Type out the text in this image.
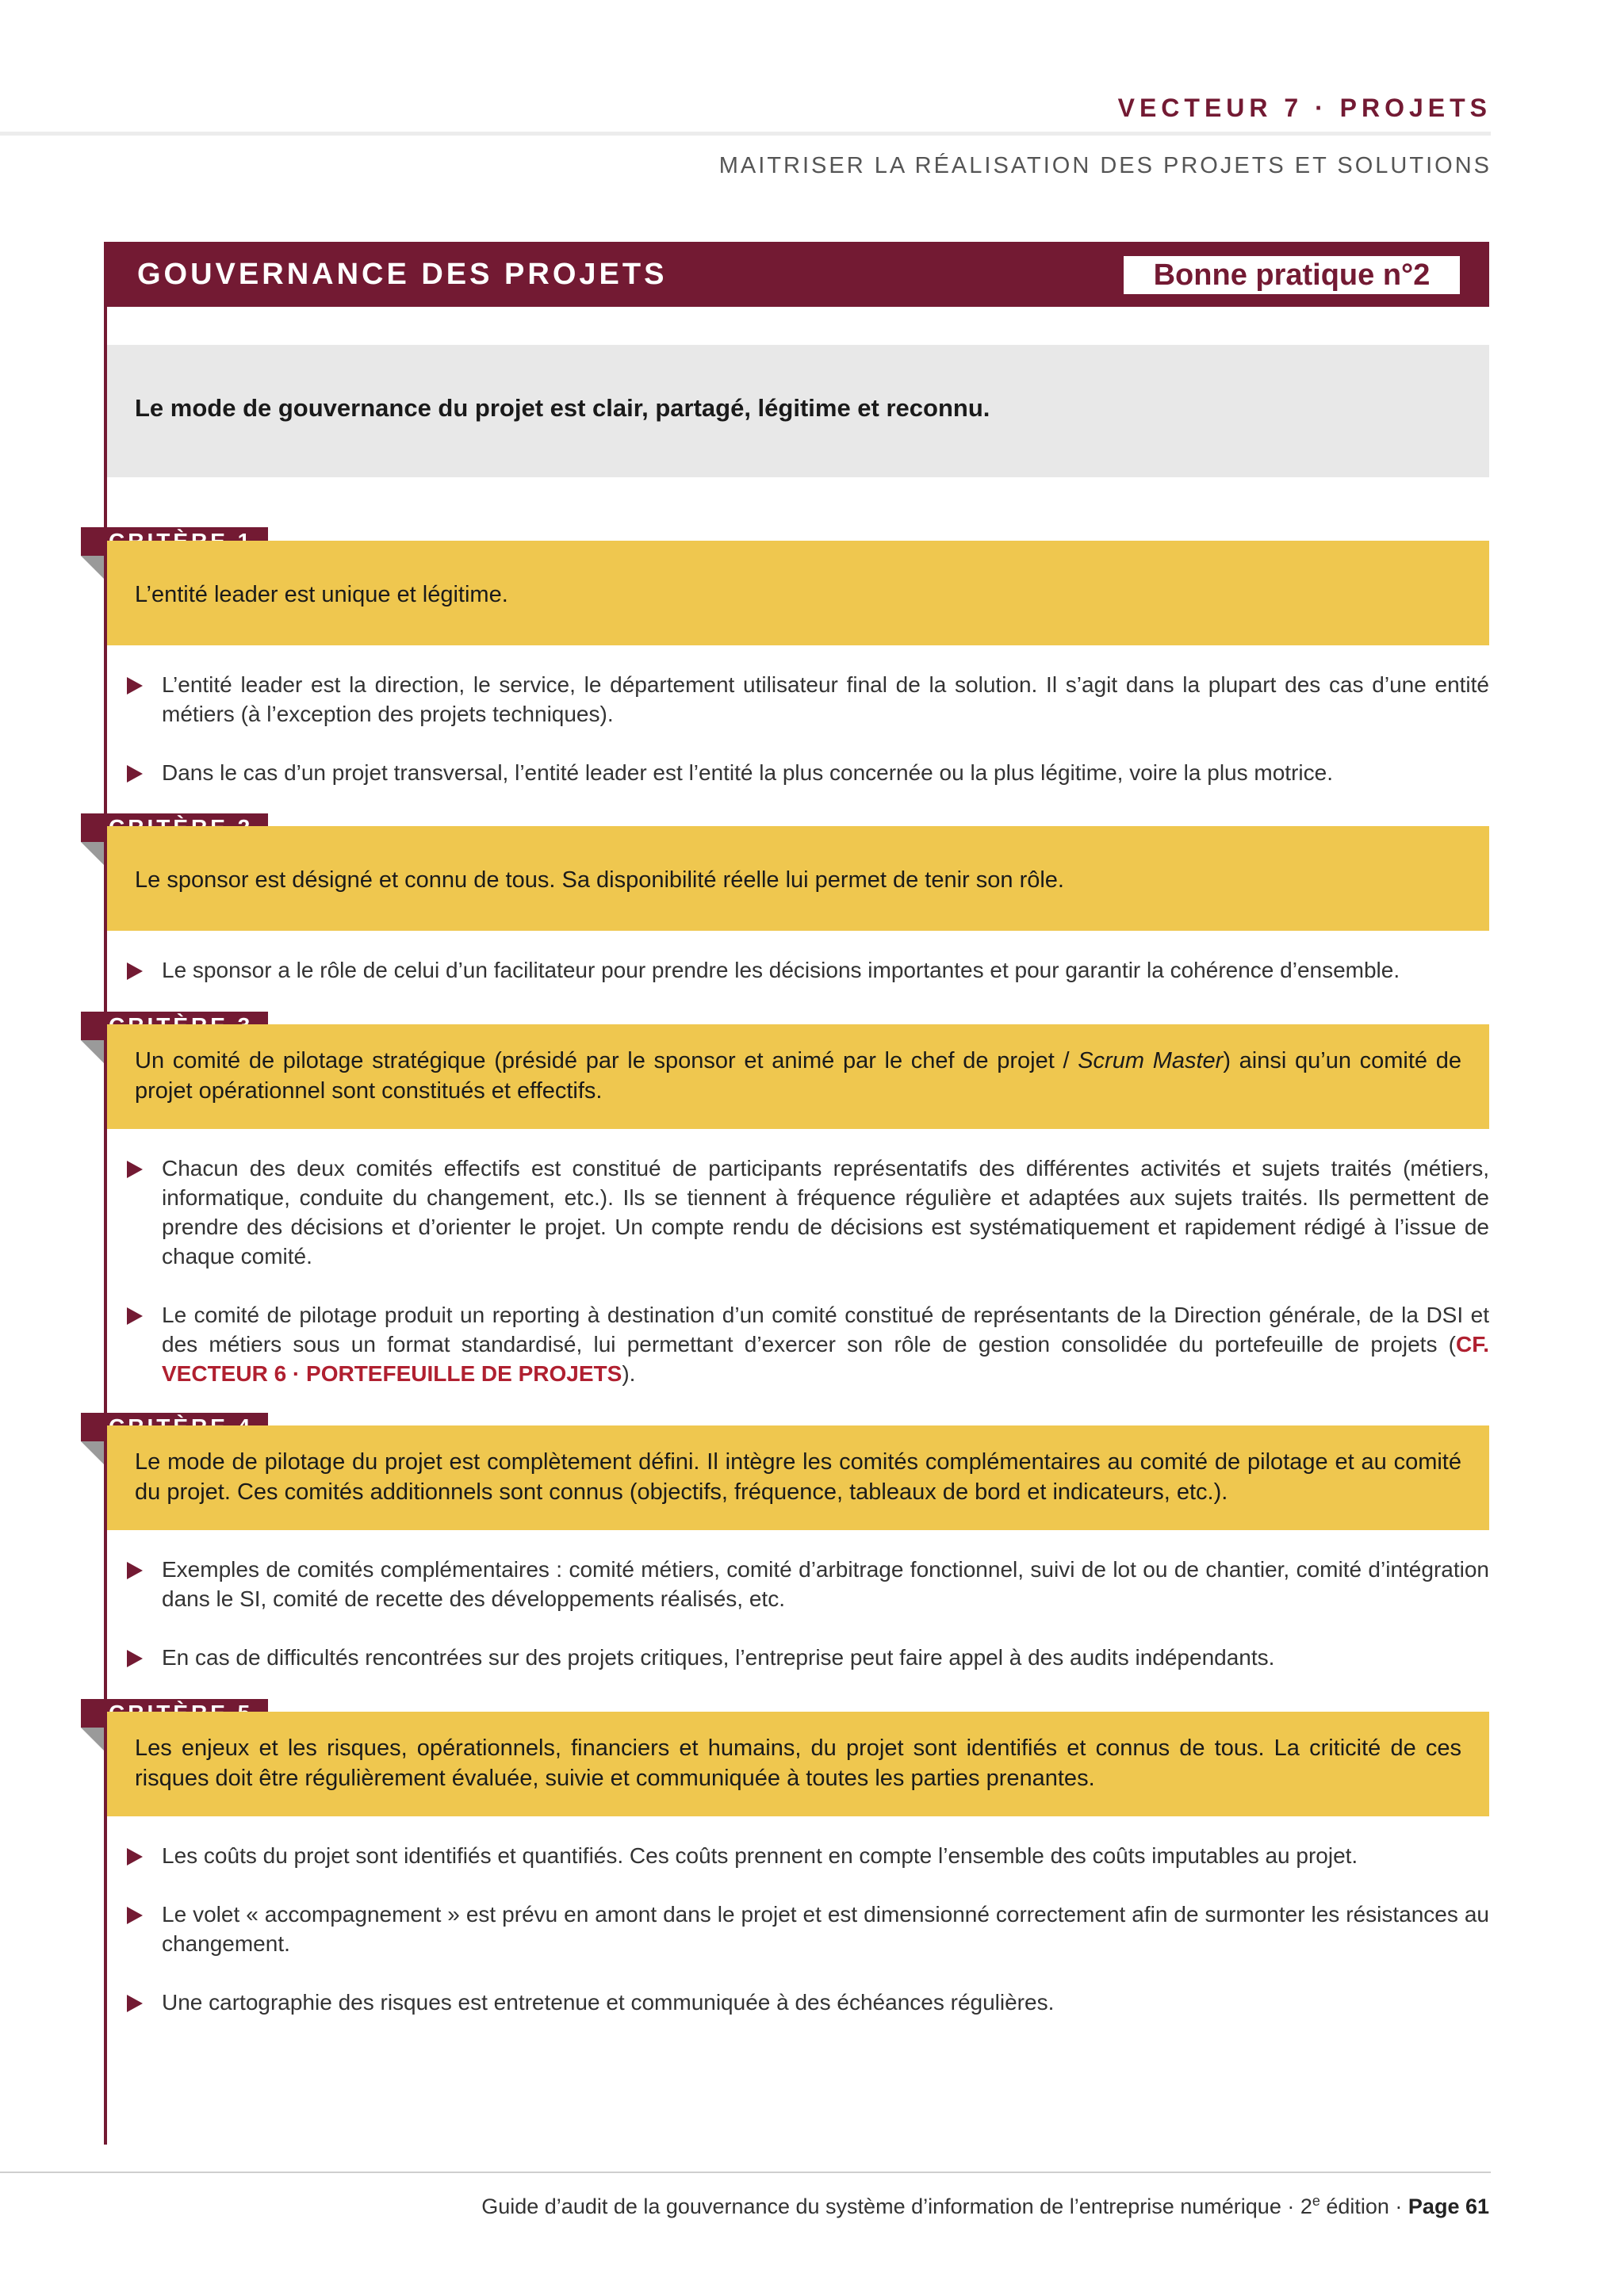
VECTEUR 7 · PROJETS
MAITRISER LA RÉALISATION DES PROJETS ET SOLUTIONS
GOUVERNANCE DES PROJETS	Bonne pratique n°2
Le mode de gouvernance du projet est clair, partagé, légitime et reconnu.
L’entité leader est unique et légitime.
L’entité leader est la direction, le service, le département utilisateur final de la solution. Il s’agit dans la plupart des cas d’une entité métiers (à l’exception des projets techniques).
Dans le cas d’un projet transversal, l’entité leader est l’entité la plus concernée ou la plus légitime, voire la plus motrice.
Le sponsor est désigné et connu de tous. Sa disponibilité réelle lui permet de tenir son rôle.
Le sponsor a le rôle de celui d’un facilitateur pour prendre les décisions importantes et pour garantir la cohérence d’ensemble.
Un comité de pilotage stratégique (présidé par le sponsor et animé par le chef de projet / Scrum Master) ainsi qu’un comité de projet opérationnel sont constitués et effectifs.
Chacun des deux comités effectifs est constitué de participants représentatifs des différentes activités et sujets traités (métiers, informatique, conduite du changement, etc.). Ils se tiennent à fréquence régulière et adaptées aux sujets traités. Ils permettent de prendre des décisions et d’orienter le projet. Un compte rendu de décisions est systématiquement et rapidement rédigé à l’issue de chaque comité.
Le comité de pilotage produit un reporting à destination d’un comité constitué de représentants de la Direction générale, de la DSI et des métiers sous un format standardisé, lui permettant d’exercer son rôle de gestion consolidée du portefeuille de projets (CF. VECTEUR 6 · PORTEFEUILLE DE PROJETS).
Le mode de pilotage du projet est complètement défini. Il intègre les comités complémentaires au comité de pilotage et au comité du projet. Ces comités additionnels sont connus (objectifs, fréquence, tableaux de bord et indicateurs, etc.).
Exemples de comités complémentaires : comité métiers, comité d’arbitrage fonctionnel, suivi de lot ou de chantier, comité d’intégration dans le SI, comité de recette des développements réalisés, etc.
En cas de difficultés rencontrées sur des projets critiques, l’entreprise peut faire appel à des audits indépendants.
Les enjeux et les risques, opérationnels, financiers et humains, du projet sont identifiés et connus de tous. La criticité de ces risques doit être régulièrement évaluée, suivie et communiquée à toutes les parties prenantes.
Les coûts du projet sont identifiés et quantifiés. Ces coûts prennent en compte l’ensemble des coûts imputables au projet.
Le volet « accompagnement » est prévu en amont dans le projet et est dimensionné correctement afin de surmonter les résistances au changement.
Une cartographie des risques est entretenue et communiquée à des échéances régulières.
Guide d’audit de la gouvernance du système d’information de l’entreprise numérique · $2^e$ édition · Page 61
